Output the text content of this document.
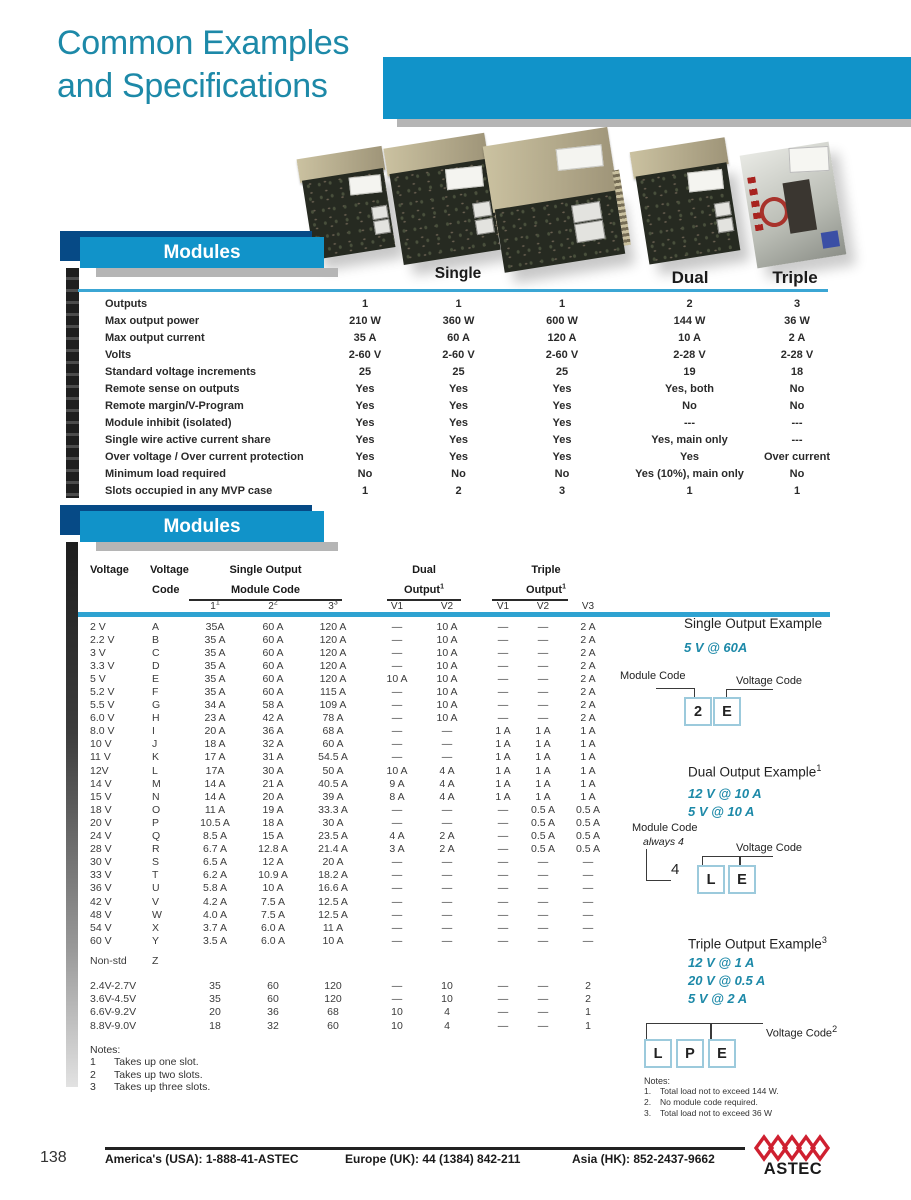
Common Examples
and Specifications
Modules
Single	Dual	Triple
Outputs	1	1	1	2	3
Max output power	210 W	360 W	600 W	144 W	36 W
Max output current	35 A	60 A	120 A	10 A	2 A
Volts	2-60 V	2-60 V	2-60 V	2-28 V	2-28 V
Standard voltage increments	25	25	25	19	18
Remote sense on outputs	Yes	Yes	Yes	Yes, both	No
Remote margin/V-Program	Yes	Yes	Yes	No	No
Module inhibit (isolated)	Yes	Yes	Yes	---	---
Single wire active current share	Yes	Yes	Yes	Yes, main only	---
Over voltage / Over current protection	Yes	Yes	Yes	Yes	Over current
Minimum load required	No	No	No	Yes (10%), main only	No
Slots occupied in any MVP case	1	2	3	1	1
Modules
Voltage Voltage
Code
Single Output
Module Code
Dual
Output$^1$
Triple
Output$^1$
$1^1$	$2^2$	$3^3$	V1	V2	V1	V2	V3
2 V	A	35A	60 A	120 A	—	10 A	—	—	2 A
2.2 V	B	35 A	60 A	120 A	—	10 A	—	—	2 A
3 V	C	35 A	60 A	120 A	—	10 A	—	—	2 A
3.3 V	D	35 A	60 A	120 A	—	10 A	—	—	2 A
5 V	E	35 A	60 A	120 A	10 A	10 A	—	—	2 A
5.2 V	F	35 A	60 A	115 A	—	10 A	—	—	2 A
5.5 V	G	34 A	58 A	109 A	—	10 A	—	—	2 A
6.0 V	H	23 A	42 A	78 A	—	10 A	—	—	2 A
8.0 V	I	20 A	36 A	68 A	—	—	1 A	1 A	1 A
10 V	J	18 A	32 A	60 A	—	—	1 A	1 A	1 A
11 V	K	17 A	31 A	54.5 A	—	—	1 A	1 A	1 A
12V	L	17A	30 A	50 A	10 A	4 A	1 A	1 A	1 A
14 V	M	14 A	21 A	40.5 A	9 A	4 A	1 A	1 A	1 A
15 V	N	14 A	20 A	39 A	8 A	4 A	1 A	1 A	1 A
18 V	O	11 A	19 A	33.3 A	—	—	—	0.5 A	0.5 A
20 V	P	10.5 A	18 A	30 A	—	—	—	0.5 A	0.5 A
24 V	Q	8.5 A	15 A	23.5 A	4 A	2 A	—	0.5 A	0.5 A
28 V	R	6.7 A	12.8 A	21.4 A	3 A	2 A	—	0.5 A	0.5 A
30 V	S	6.5 A	12 A	20 A	—	—	—	—	—
33 V	T	6.2 A	10.9 A	18.2 A	—	—	—	—	—
36 V	U	5.8 A	10 A	16.6 A	—	—	—	—	—
42 V	V	4.2 A	7.5 A	12.5 A	—	—	—	—	—
48 V	W	4.0 A	7.5 A	12.5 A	—	—	—	—	—
54 V	X	3.7 A	6.0 A	11 A	—	—	—	—	—
60 V	Y	3.5 A	6.0 A	10 A	—	—	—	—	—
Non-std Z
2.4V-2.7V	35	60	120	—	10	—	—	2
3.6V-4.5V	35	60	120	—	10	—	—	2
6.6V-9.2V	20	36	68	10	4	—	—	1
8.8V-9.0V	18	32	60	10	4	—	—	1
Notes:
1 Takes up one slot.
2 Takes up two slots.
3 Takes up three slots.
Single Output Example
5 V @ 60A
Module Code	Voltage Code
2	E
Dual Output Example$^1$
12 V @ 10 A
5 V @ 10 A
Module Code
always 4	Voltage Code
4
L	E
Triple Output Example$^3$
12 V @ 1 A
20 V @ 0.5 A
5 V @ 2 A
Voltage Code$^2$
L	P	E
Notes:
1. Total load not to exceed 144 W.
2. No module code required.
3. Total load not to exceed 36 W
138	America's (USA): 1-888-41-ASTEC	Europe (UK): 44 (1384) 842-211	Asia (HK): 852-2437-9662
ASTEC
